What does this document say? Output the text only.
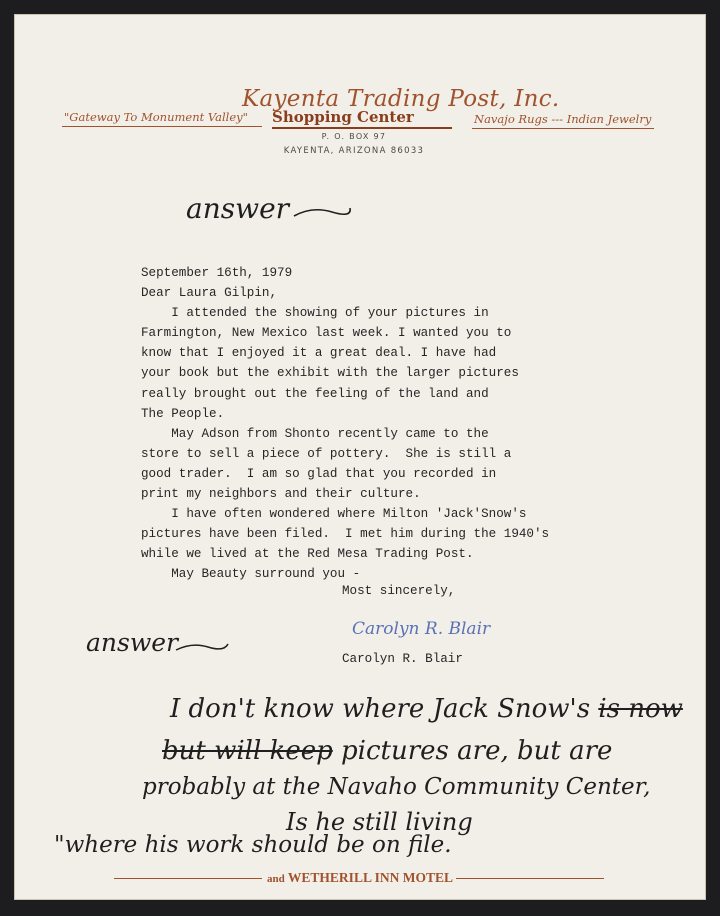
Kayenta Trading Post, Inc.
"Gateway To Monument Valley" Shopping Center	Navajo Rugs --- Indian Jewelry
P. O. BOX 97
KAYENTA, ARIZONA 86033
answer
September 16th, 1979
Dear Laura Gilpin,
I attended the showing of your pictures in
Farmington, New Mexico last week. I wanted you to
know that I enjoyed it a great deal. I have had
your book but the exhibit with the larger pictures
really brought out the feeling of the land and
The People.
May Adson from Shonto recently came to the
store to sell a piece of pottery.  She is still a
good trader.  I am so glad that you recorded in
print my neighbors and their culture.
I have often wondered where Milton 'Jack'Snow's
pictures have been filed.  I met him during the 1940's
while we lived at the Red Mesa Trading Post.
May Beauty surround you -
Most sincerely,
Carolyn R. Blair
Carolyn R. Blair
answer
I don't know where Jack Snow's is now
but will keep pictures are, but are
probably at the Navaho Community Center,
Is he still living
"where his work should be on file.
and WETHERILL INN MOTEL
